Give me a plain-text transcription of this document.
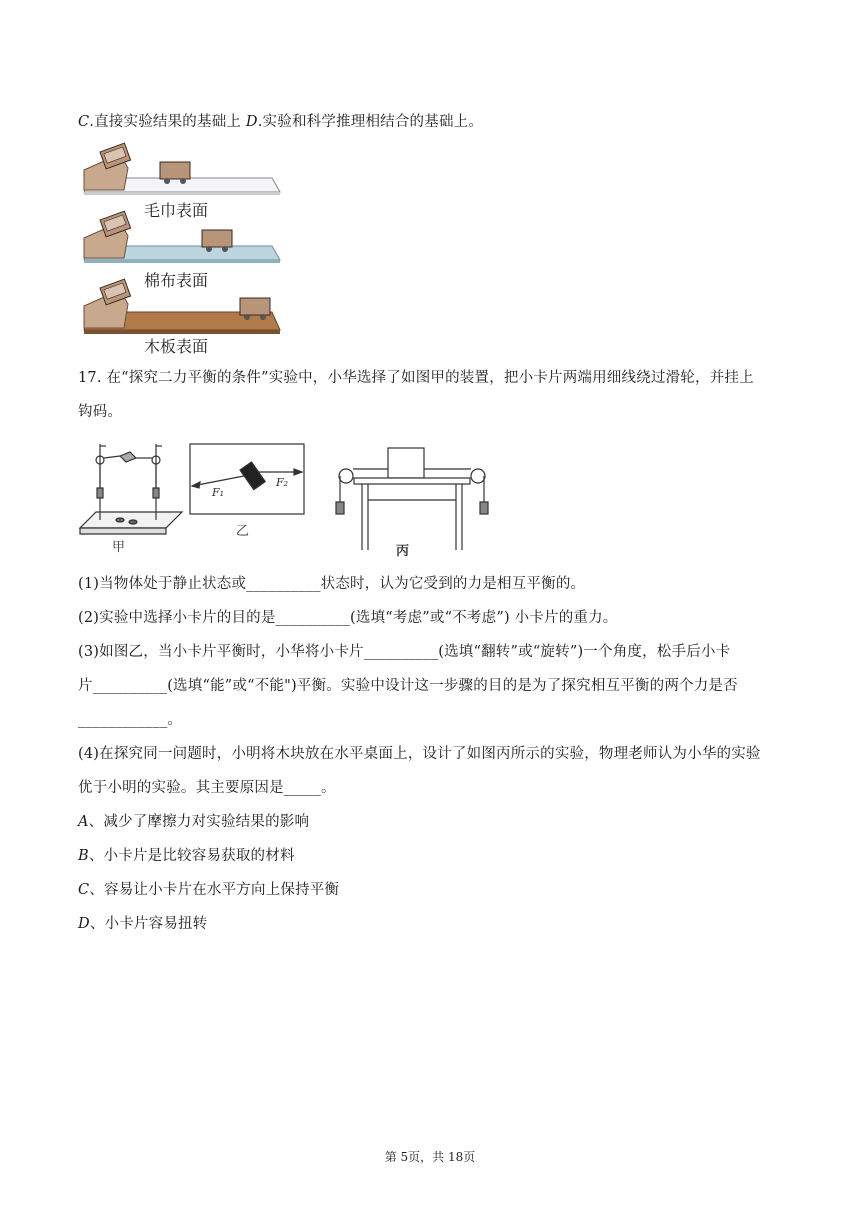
C.直接实验结果的基础上 D.实验和科学推理相结合的基础上。
毛巾表面
棉布表面
木板表面
17. 在“探究二力平衡的条件”实验中，小华选择了如图甲的装置，把小卡片两端用细线绕过滑轮，并挂上
钩码。
甲
乙
丙
F₁
F₂
(1)当物体处于静止状态或__________状态时，认为它受到的力是相互平衡的。
(2)实验中选择小卡片的目的是__________(选填“考虑”或“不考虑”) 小卡片的重力。
(3)如图乙，当小卡片平衡时，小华将小卡片__________(选填“翻转”或“旋转”)一个角度，松手后小卡
片__________(选填“能”或“不能")平衡。实验中设计这一步骤的目的是为了探究相互平衡的两个力是否
____________。
(4)在探究同一问题时，小明将木块放在水平桌面上，设计了如图丙所示的实验，物理老师认为小华的实验
优于小明的实验。其主要原因是_____。
A、减少了摩擦力对实验结果的影响
B、小卡片是比较容易获取的材料
C、容易让小卡片在水平方向上保持平衡
D、小卡片容易扭转
第 5页，共 18页
